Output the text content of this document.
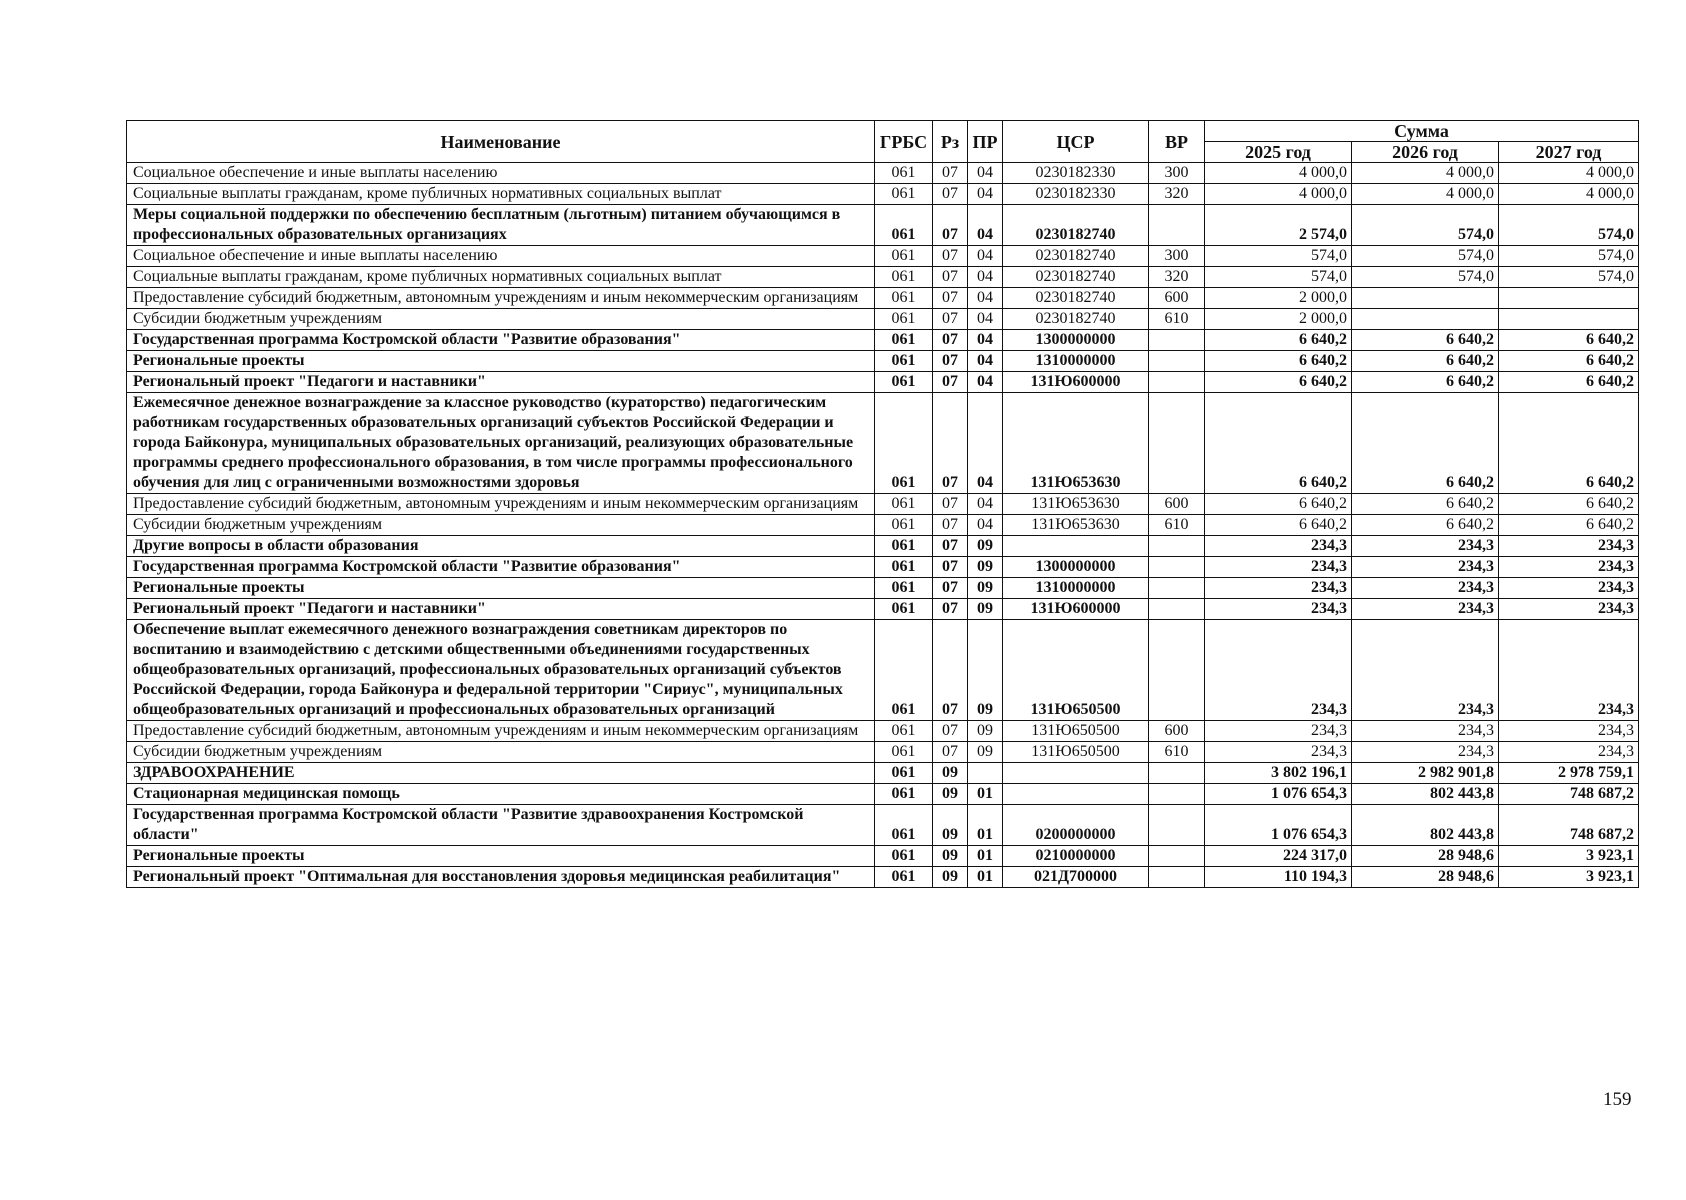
Наименование	ГРБС	Рз	ПР	ЦСР	ВР	Сумма		
						2025 год	2026 год	2027 год
Социальное обеспечение и иные выплаты населению	061	07	04	0230182330	300	4 000,0	4 000,0	4 000,0
Социальные выплаты гражданам, кроме публичных нормативных социальных выплат	061	07	04	0230182330	320	4 000,0	4 000,0	4 000,0
Меры социальной поддержки по обеспечению бесплатным (льготным) питанием обучающимся в профессиональных образовательных организациях	061	07	04	0230182740		2 574,0	574,0	574,0
Социальное обеспечение и иные выплаты населению	061	07	04	0230182740	300	574,0	574,0	574,0
Социальные выплаты гражданам, кроме публичных нормативных социальных выплат	061	07	04	0230182740	320	574,0	574,0	574,0
Предоставление субсидий бюджетным, автономным учреждениям и иным некоммерческим организациям	061	07	04	0230182740	600	2 000,0		
Субсидии бюджетным учреждениям	061	07	04	0230182740	610	2 000,0		
Государственная программа Костромской области "Развитие образования"	061	07	04	1300000000		6 640,2	6 640,2	6 640,2
Региональные проекты	061	07	04	1310000000		6 640,2	6 640,2	6 640,2
Региональный проект "Педагоги и наставники"	061	07	04	131Ю600000		6 640,2	6 640,2	6 640,2
Ежемесячное денежное вознаграждение за классное руководство (кураторство) педагогическим работникам государственных образовательных организаций субъектов Российской Федерации и города Байконура, муниципальных образовательных организаций, реализующих образовательные программы среднего профессионального образования, в том числе программы профессионального обучения для лиц с ограниченными возможностями здоровья	061	07	04	131Ю653630		6 640,2	6 640,2	6 640,2
Предоставление субсидий бюджетным, автономным учреждениям и иным некоммерческим организациям	061	07	04	131Ю653630	600	6 640,2	6 640,2	6 640,2
Субсидии бюджетным учреждениям	061	07	04	131Ю653630	610	6 640,2	6 640,2	6 640,2
Другие вопросы в области образования	061	07	09			234,3	234,3	234,3
Государственная программа Костромской области "Развитие образования"	061	07	09	1300000000		234,3	234,3	234,3
Региональные проекты	061	07	09	1310000000		234,3	234,3	234,3
Региональный проект "Педагоги и наставники"	061	07	09	131Ю600000		234,3	234,3	234,3
Обеспечение выплат ежемесячного денежного вознаграждения советникам директоров по воспитанию и взаимодействию с детскими общественными объединениями государственных общеобразовательных организаций, профессиональных образовательных организаций субъектов Российской Федерации, города Байконура и федеральной территории "Сириус", муниципальных общеобразовательных организаций и профессиональных образовательных организаций	061	07	09	131Ю650500		234,3	234,3	234,3
Предоставление субсидий бюджетным, автономным учреждениям и иным некоммерческим организациям	061	07	09	131Ю650500	600	234,3	234,3	234,3
Субсидии бюджетным учреждениям	061	07	09	131Ю650500	610	234,3	234,3	234,3
ЗДРАВООХРАНЕНИЕ	061	09				3 802 196,1	2 982 901,8	2 978 759,1
Стационарная медицинская помощь	061	09	01			1 076 654,3	802 443,8	748 687,2
Государственная программа Костромской области "Развитие здравоохранения Костромской области"	061	09	01	0200000000		1 076 654,3	802 443,8	748 687,2
Региональные проекты	061	09	01	0210000000		224 317,0	28 948,6	3 923,1
Региональный проект "Оптимальная для восстановления здоровья медицинская реабилитация"	061	09	01	021Д700000		110 194,3	28 948,6	3 923,1
159
